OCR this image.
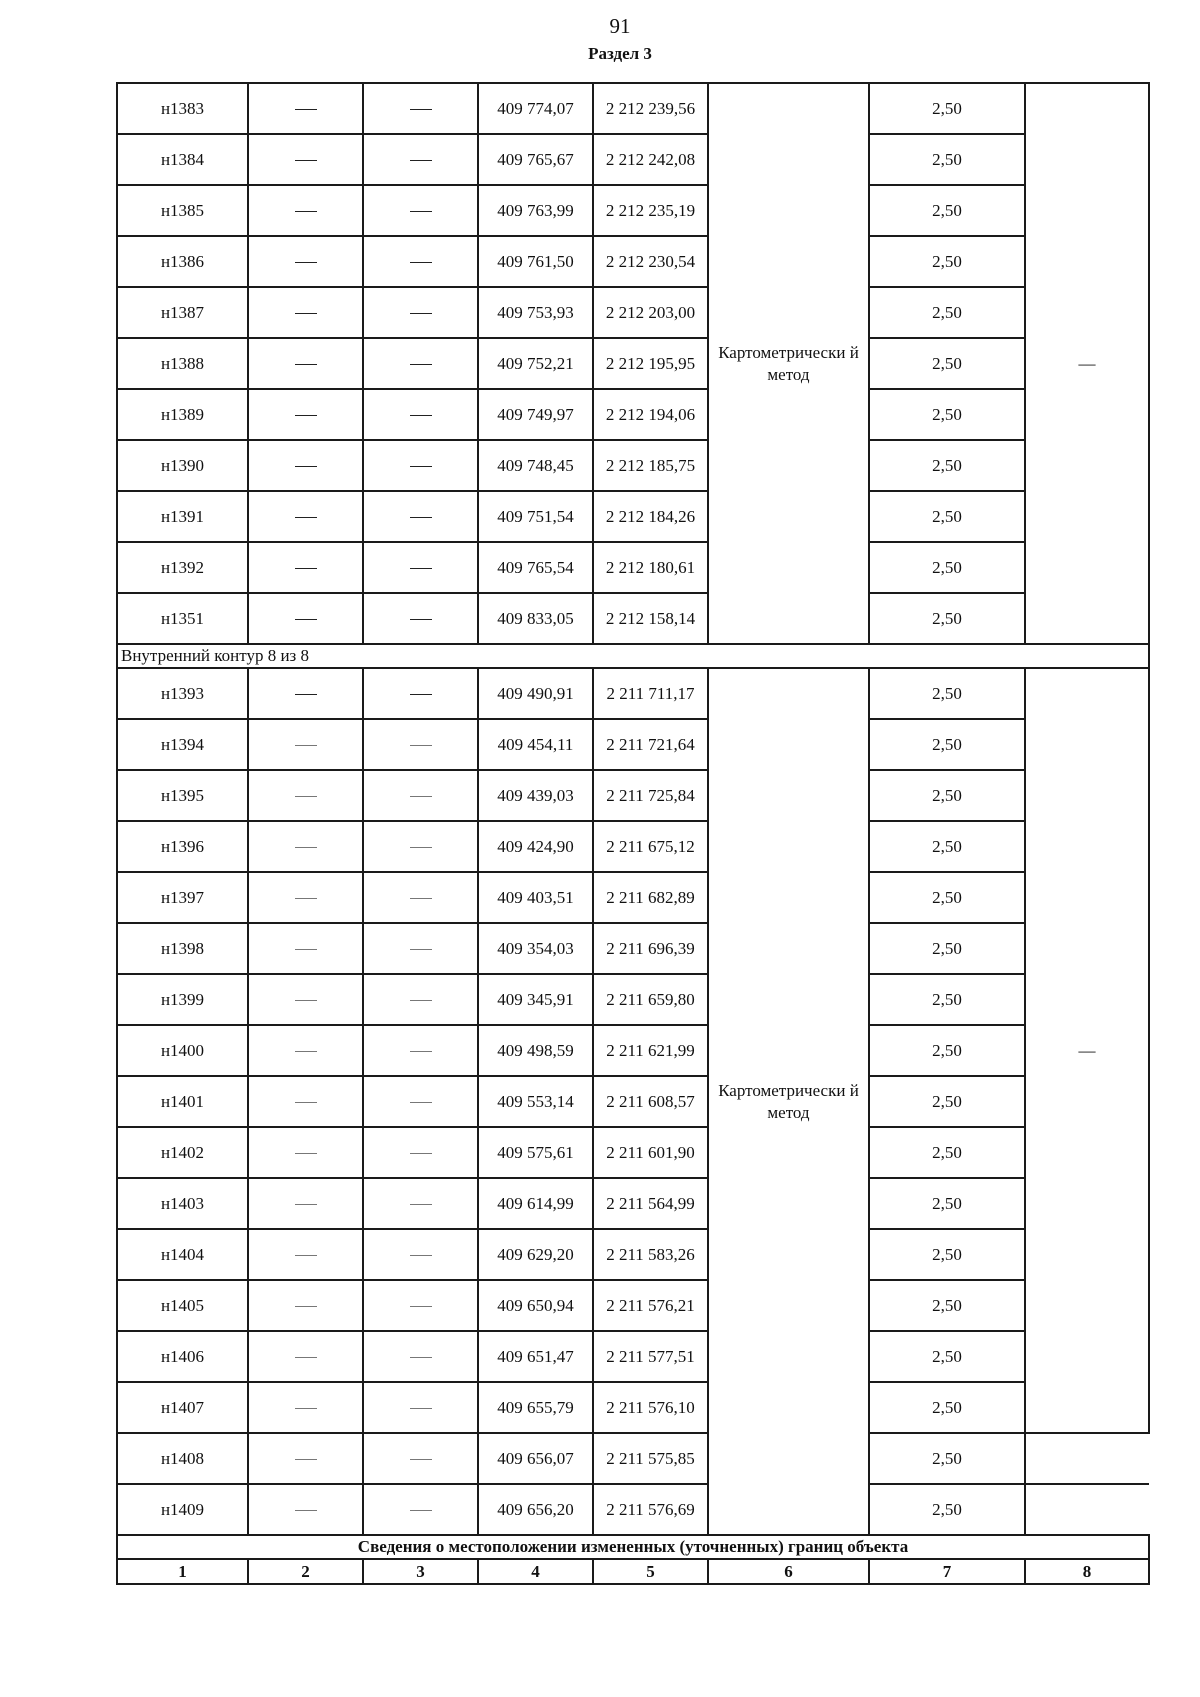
91
Раздел 3
н1383			409 774,07	2 212 239,56	Картометрически й метод	2,50	—
н1384			409 765,67	2 212 242,08		2,50	
н1385			409 763,99	2 212 235,19		2,50	
н1386			409 761,50	2 212 230,54		2,50	
н1387			409 753,93	2 212 203,00		2,50	
н1388			409 752,21	2 212 195,95		2,50	
н1389			409 749,97	2 212 194,06		2,50	
н1390			409 748,45	2 212 185,75		2,50	
н1391			409 751,54	2 212 184,26		2,50	
н1392			409 765,54	2 212 180,61		2,50	
н1351			409 833,05	2 212 158,14		2,50	
Внутренний контур 8 из 8							
н1393			409 490,91	2 211 711,17	Картометрически й метод	2,50	—
н1394			409 454,11	2 211 721,64		2,50	
н1395			409 439,03	2 211 725,84		2,50	
н1396			409 424,90	2 211 675,12		2,50	
н1397			409 403,51	2 211 682,89		2,50	
н1398			409 354,03	2 211 696,39		2,50	
н1399			409 345,91	2 211 659,80		2,50	
н1400			409 498,59	2 211 621,99		2,50	
н1401			409 553,14	2 211 608,57		2,50	
н1402			409 575,61	2 211 601,90		2,50	
н1403			409 614,99	2 211 564,99		2,50	
н1404			409 629,20	2 211 583,26		2,50	
н1405			409 650,94	2 211 576,21		2,50	
н1406			409 651,47	2 211 577,51		2,50	
н1407			409 655,79	2 211 576,10		2,50	
н1408			409 656,07	2 211 575,85		2,50	
н1409			409 656,20	2 211 576,69		2,50	
Сведения о местоположении измененных (уточненных) границ объекта							
1	2	3	4	5	6	7	8
